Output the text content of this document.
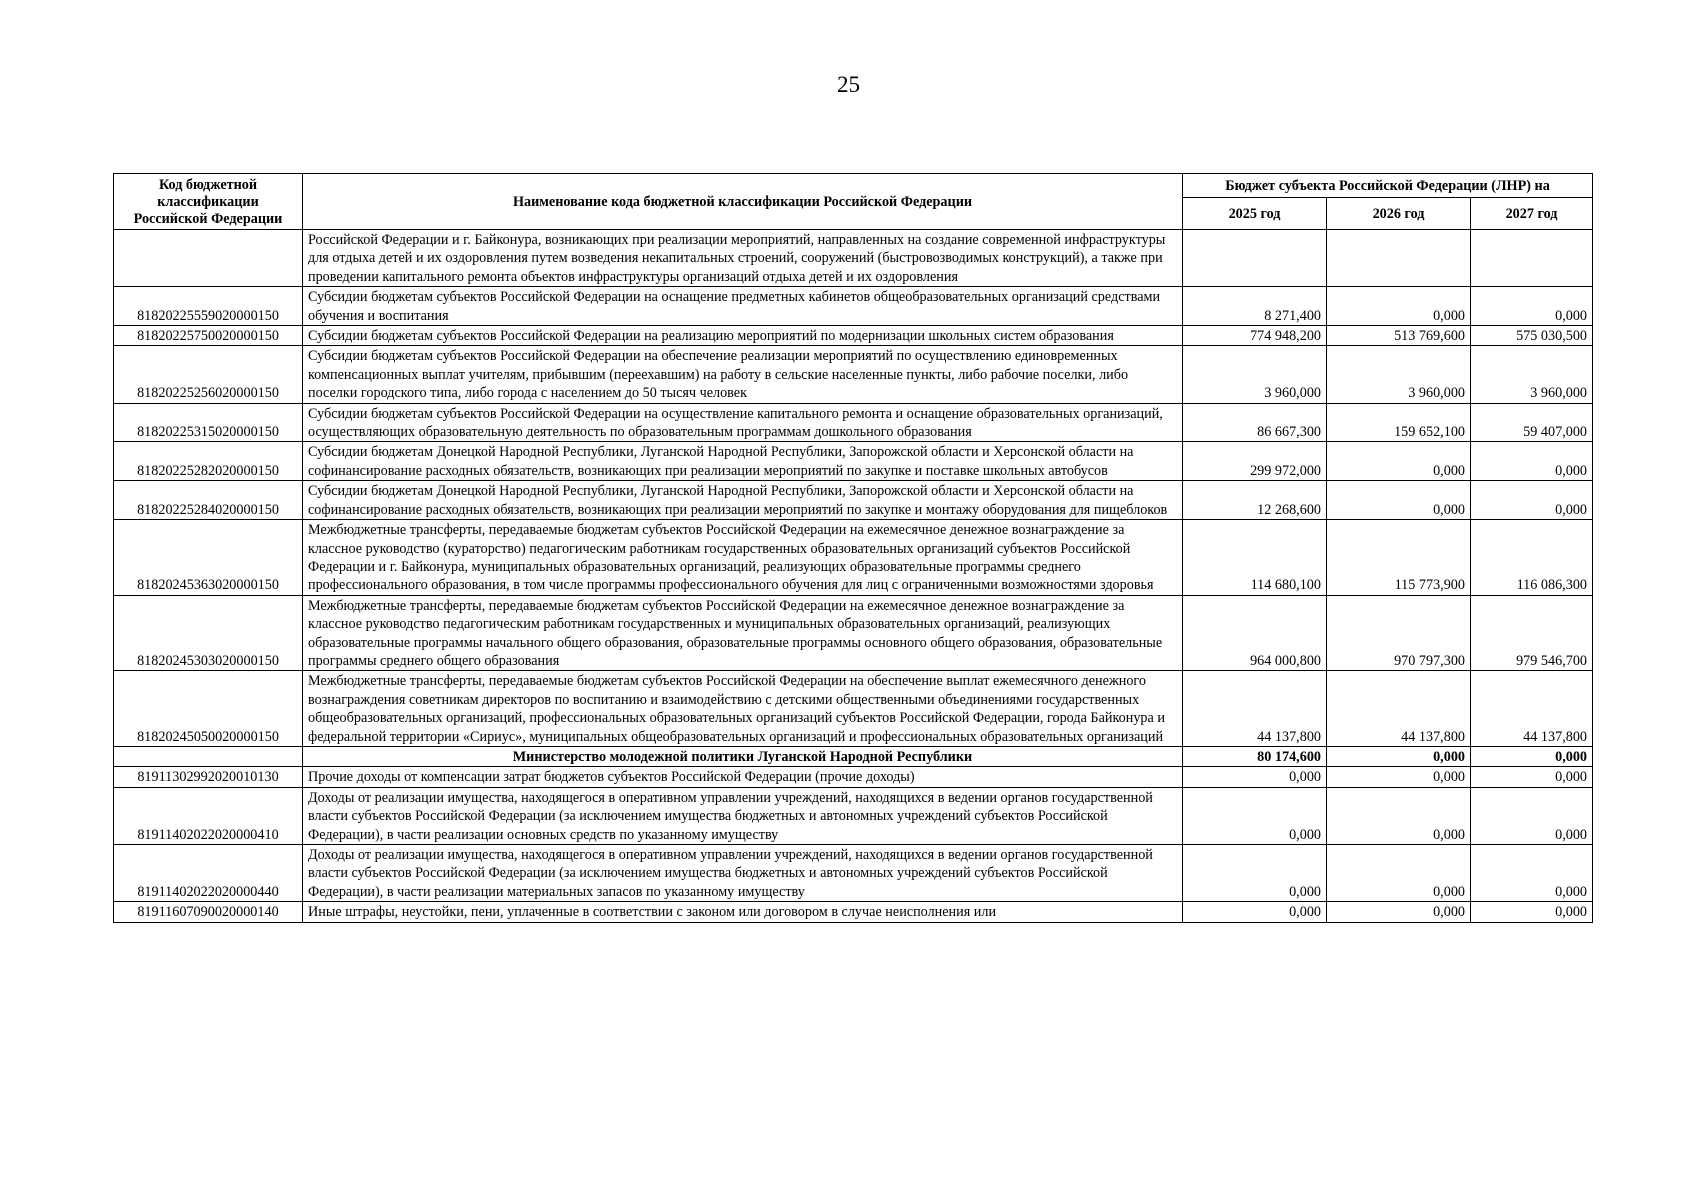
25
Код бюджетной классификации Российской Федерации	Наименование кода бюджетной классификации Российской Федерации	Бюджет субъекта Российской Федерации (ЛНР) на		
		2025 год	2026 год	2027 год
	Российской Федерации и г. Байконура, возникающих при реализации мероприятий, направленных на создание современной инфраструктуры для отдыха детей и их оздоровления путем возведения некапитальных строений, сооружений (быстровозводимых конструкций), а также при проведении капитального ремонта объектов инфраструктуры организаций отдыха детей и их оздоровления			
81820225559020000150	Субсидии бюджетам субъектов Российской Федерации на оснащение предметных кабинетов общеобразовательных организаций средствами обучения и воспитания	8 271,400	0,000	0,000
81820225750020000150	Субсидии бюджетам субъектов Российской Федерации на реализацию мероприятий по модернизации школьных систем образования	774 948,200	513 769,600	575 030,500
81820225256020000150	Субсидии бюджетам субъектов Российской Федерации на обеспечение реализации мероприятий по осуществлению единовременных компенсационных выплат учителям, прибывшим (переехавшим) на работу в сельские населенные пункты, либо рабочие поселки, либо поселки городского типа, либо города с населением до 50 тысяч человек	3 960,000	3 960,000	3 960,000
81820225315020000150	Субсидии бюджетам субъектов Российской Федерации на осуществление капитального ремонта и оснащение образовательных организаций, осуществляющих образовательную деятельность по образовательным программам дошкольного образования	86 667,300	159 652,100	59 407,000
81820225282020000150	Субсидии бюджетам Донецкой Народной Республики, Луганской Народной Республики, Запорожской области и Херсонской области на софинансирование расходных обязательств, возникающих при реализации мероприятий по закупке и поставке школьных автобусов	299 972,000	0,000	0,000
81820225284020000150	Субсидии бюджетам Донецкой Народной Республики, Луганской Народной Республики, Запорожской области и Херсонской области на софинансирование расходных обязательств, возникающих при реализации мероприятий по закупке и монтажу оборудования для пищеблоков	12 268,600	0,000	0,000
81820245363020000150	Межбюджетные трансферты, передаваемые бюджетам субъектов Российской Федерации на ежемесячное денежное вознаграждение за классное руководство (кураторство) педагогическим работникам государственных образовательных организаций субъектов Российской Федерации и г. Байконура, муниципальных образовательных организаций, реализующих образовательные программы среднего профессионального образования, в том числе программы профессионального обучения для лиц с ограниченными возможностями здоровья	114 680,100	115 773,900	116 086,300
81820245303020000150	Межбюджетные трансферты, передаваемые бюджетам субъектов Российской Федерации на ежемесячное денежное вознаграждение за классное руководство педагогическим работникам государственных и муниципальных образовательных организаций, реализующих образовательные программы начального общего образования, образовательные программы основного общего образования, образовательные программы среднего общего образования	964 000,800	970 797,300	979 546,700
81820245050020000150	Межбюджетные трансферты, передаваемые бюджетам субъектов Российской Федерации на обеспечение выплат ежемесячного денежного вознаграждения советникам директоров по воспитанию и взаимодействию с детскими общественными объединениями государственных общеобразовательных организаций, профессиональных образовательных организаций субъектов Российской Федерации, города Байконура и федеральной территории «Сириус», муниципальных общеобразовательных организаций и профессиональных образовательных организаций	44 137,800	44 137,800	44 137,800
	Министерство молодежной политики Луганской Народной Республики	80 174,600	0,000	0,000
81911302992020010130	Прочие доходы от компенсации затрат бюджетов субъектов Российской Федерации (прочие доходы)	0,000	0,000	0,000
81911402022020000410	Доходы от реализации имущества, находящегося в оперативном управлении учреждений, находящихся в ведении органов государственной власти субъектов Российской Федерации (за исключением имущества бюджетных и автономных учреждений субъектов Российской Федерации), в части реализации основных средств по указанному имуществу	0,000	0,000	0,000
81911402022020000440	Доходы от реализации имущества, находящегося в оперативном управлении учреждений, находящихся в ведении органов государственной власти субъектов Российской Федерации (за исключением имущества бюджетных и автономных учреждений субъектов Российской Федерации), в части реализации материальных запасов по указанному имуществу	0,000	0,000	0,000
81911607090020000140	Иные штрафы, неустойки, пени, уплаченные в соответствии с законом или договором в случае неисполнения или	0,000	0,000	0,000
